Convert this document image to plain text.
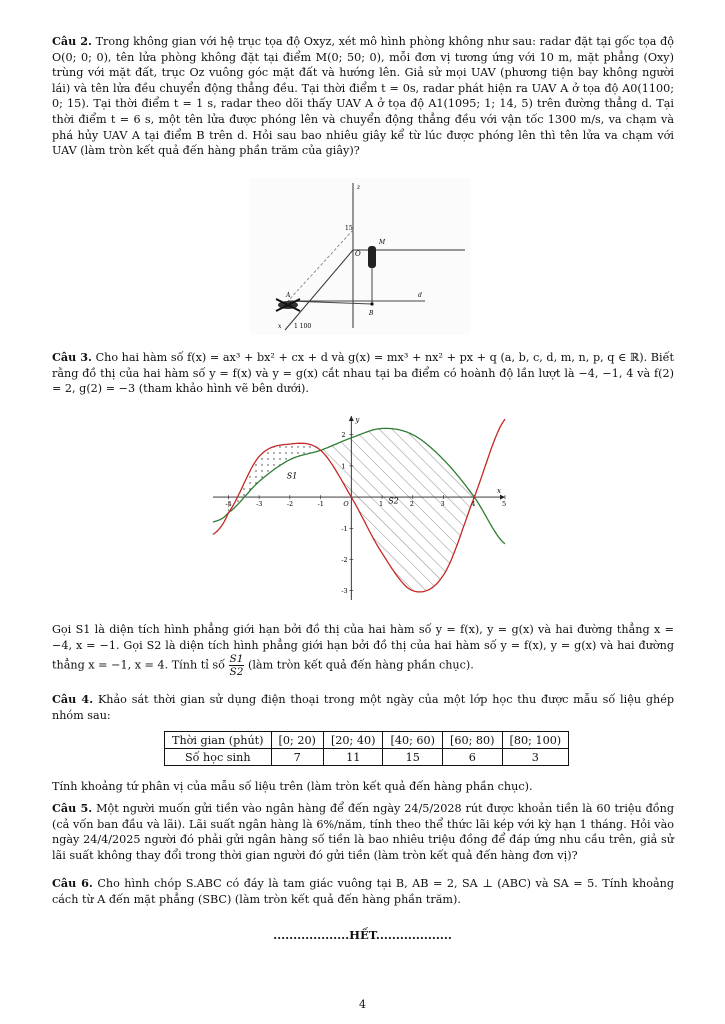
Câu 2. Trong không gian với hệ trục tọa độ Oxyz, xét mô hình phòng không như sau: radar đặt tại gốc tọa độ O(0; 0; 0), tên lửa phòng không đặt tại điểm M(0; 50; 0), mỗi đơn vị tương ứng với 10 m, mặt phẳng (Oxy) trùng với mặt đất, trục Oz vuông góc mặt đất và hướng lên. Giả sử mọi UAV (phương tiện bay không người lái) và tên lửa đều chuyển động thẳng đều. Tại thời điểm t = 0s, radar phát hiện ra UAV A ở tọa độ A0(1100; 0; 15). Tại thời điểm t = 1 s, radar theo dõi thấy UAV A ở tọa độ A1(1095; 1; 14, 5) trên đường thẳng d. Tại thời điểm t = 6 s, một tên lửa được phóng lên và chuyển động thẳng đều với vận tốc 1300 m/s, va chạm và phá hủy UAV A tại điểm B trên d. Hỏi sau bao nhiêu giây kể từ lúc được phóng lên thì tên lửa va chạm với UAV (làm tròn kết quả đến hàng phần trăm của giây)?
z
15
O
M
A
B
d
x 1 100
Câu 3. Cho hai hàm số f(x) = ax³ + bx² + cx + d và g(x) = mx³ + nx² + px + q (a, b, c, d, m, n, p, q ∈ ℝ). Biết rằng đồ thị của hai hàm số y = f(x) và y = g(x) cắt nhau tại ba điểm có hoành độ lần lượt là −4, −1, 4 và f(2) = 2, g(2) = −3 (tham khảo hình vẽ bên dưới).
-4	-3	-2	-1	1	2	3	4	5
2
1
-1
-2
-3
y
x
O
S1
S2
Gọi S1 là diện tích hình phẳng giới hạn bởi đồ thị của hai hàm số y = f(x), y = g(x) và hai đường thẳng x = −4, x = −1. Gọi S2 là diện tích hình phẳng giới hạn bởi đồ thị của hai hàm số y = f(x), y = g(x) và hai đường thẳng x = −1, x = 4. Tính tỉ số $\frac{S1}{S2}$ (làm tròn kết quả đến hàng phần chục).
Câu 4. Khảo sát thời gian sử dụng điện thoại trong một ngày của một lớp học thu được mẫu số liệu ghép nhóm sau:
Thời gian (phút)	[0; 20)	[20; 40)	[40; 60)	[60; 80)	[80; 100)
Số học sinh	7	11	15	6	3
Tính khoảng tứ phân vị của mẫu số liệu trên (làm tròn kết quả đến hàng phần chục).
Câu 5. Một người muốn gửi tiền vào ngân hàng để đến ngày 24/5/2028 rút được khoản tiền là 60 triệu đồng (cả vốn ban đầu và lãi). Lãi suất ngân hàng là 6%/năm, tính theo thể thức lãi kép với kỳ hạn 1 tháng. Hỏi vào ngày 24/4/2025 người đó phải gửi ngân hàng số tiền là bao nhiêu triệu đồng để đáp ứng nhu cầu trên, giả sử lãi suất không thay đổi trong thời gian người đó gửi tiền (làm tròn kết quả đến hàng đơn vị)?
Câu 6. Cho hình chóp S.ABC có đáy là tam giác vuông tại B, AB = 2, SA ⊥ (ABC) và SA = 5. Tính khoảng cách từ A đến mặt phẳng (SBC) (làm tròn kết quả đến hàng phần trăm).
...................HẾT...................
4
